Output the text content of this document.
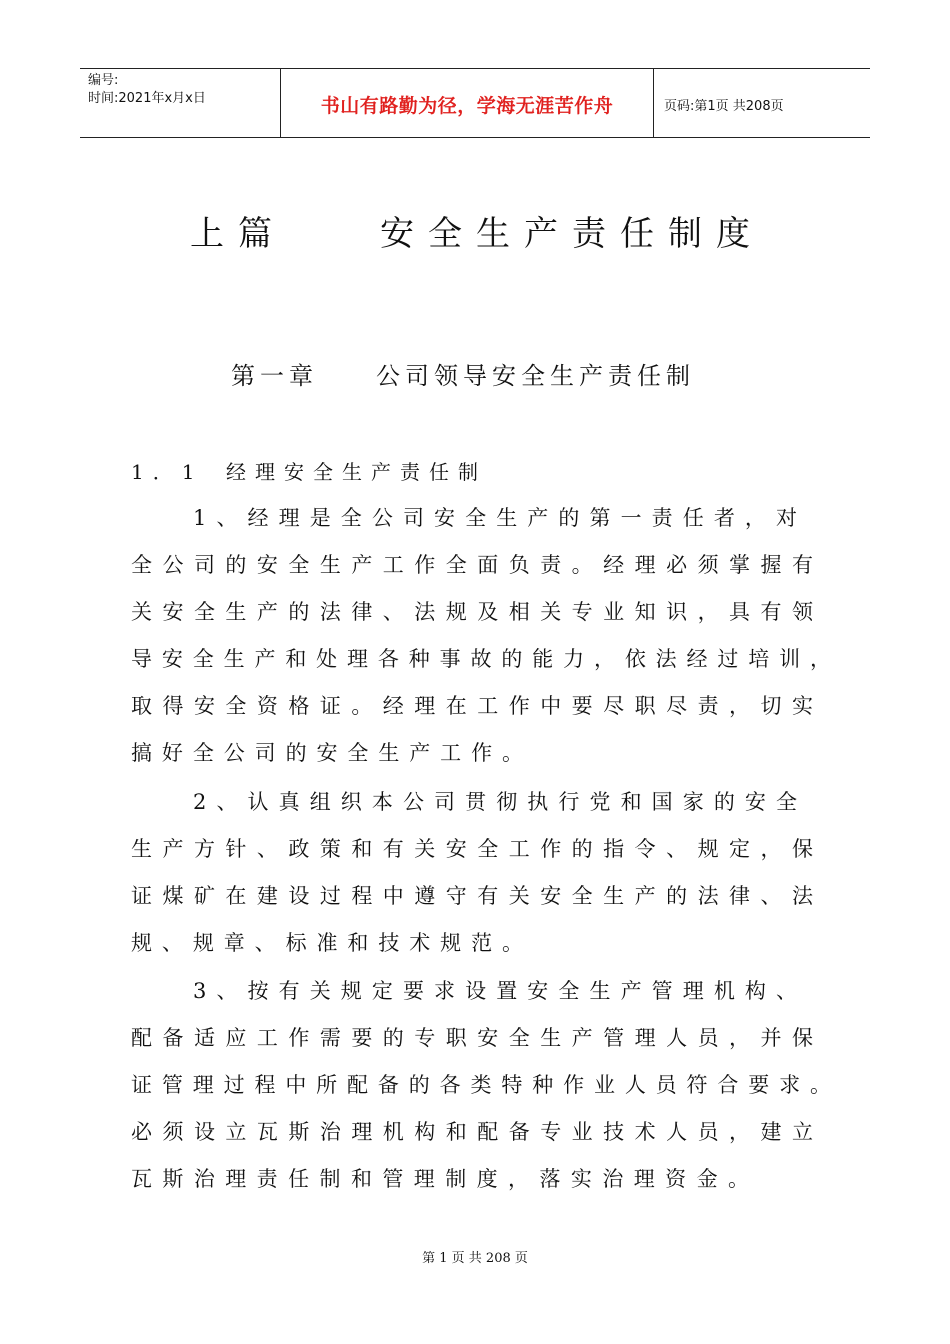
编号:
时间:2021年x月x日	书山有路勤为径，学海无涯苦作舟	页码:第1页 共208页
上篇	安全生产责任制度
第一章 公司领导安全生产责任制
1．1 经理安全生产责任制
1、经理是全公司安全生产的第一责任者，对
全公司的安全生产工作全面负责。经理必须掌握有
关安全生产的法律、法规及相关专业知识，具有领
导安全生产和处理各种事故的能力，依法经过培训，
取得安全资格证。经理在工作中要尽职尽责，切实
搞好全公司的安全生产工作。
2、认真组织本公司贯彻执行党和国家的安全
生产方针、政策和有关安全工作的指令、规定，保
证煤矿在建设过程中遵守有关安全生产的法律、法
规、规章、标准和技术规范。
3、按有关规定要求设置安全生产管理机构、
配备适应工作需要的专职安全生产管理人员，并保
证管理过程中所配备的各类特种作业人员符合要求。
必须设立瓦斯治理机构和配备专业技术人员，建立
瓦斯治理责任制和管理制度，落实治理资金。
第 1 页 共 208 页
